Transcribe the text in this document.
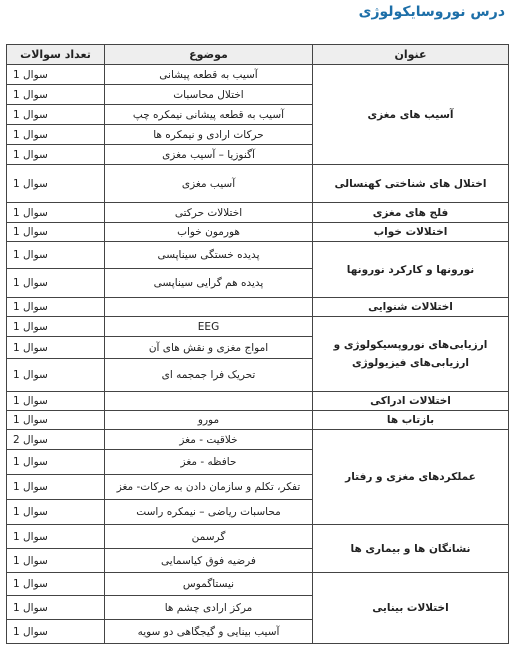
درس نوروسایکولوژی
تعداد سوالات	موضوع	عنوان
1 سوال	آسیب به قطعه پیشانی	آسیب های مغزی
1 سوال	اختلال محاسبات	
1 سوال	آسیب به قطعه پیشانی نیمکره چپ	
1 سوال	حرکات ارادی و نیمکره ها	
1 سوال	آگنوزیا – آسیب مغزی	
1 سوال	آسیب مغزی	اختلال های شناختی کهنسالی
1 سوال	اختلالات حرکتی	فلج های مغزی
1 سوال	هورمون خواب	اختلالات خواب
1 سوال	پدیده خستگی سیناپسی	نورونها و کارکرد نورونها
1 سوال	پدیده هم گرایی سیناپسی	
1 سوال		اختلالات شنوایی
1 سوال	EEG	ارزیابی‌های نوروپسیکولوژی و ارزیابی‌های فیزیولوژی
1 سوال	امواج مغزی و نقش های آن	
1 سوال	تحریک فرا جمجمه ای	
1 سوال		اختلالات ادراکی
1 سوال	مورو	بازتاب ها
2 سوال	خلاقیت - مغز	عملکردهای مغزی و رفتار
1 سوال	حافظه - مغز	
1 سوال	تفکر، تکلم و سازمان دادن به حرکات- مغز	
1 سوال	محاسبات ریاضی – نیمکره راست	
1 سوال	گرسمن	نشانگان ها و بیماری ها
1 سوال	فرضیه فوق کیاسمایی	
1 سوال	نیستاگموس	اختلالات بینایی
1 سوال	مرکز ارادی چشم ها	
1 سوال	آسیب بینایی و گیجگاهی دو سویه	
